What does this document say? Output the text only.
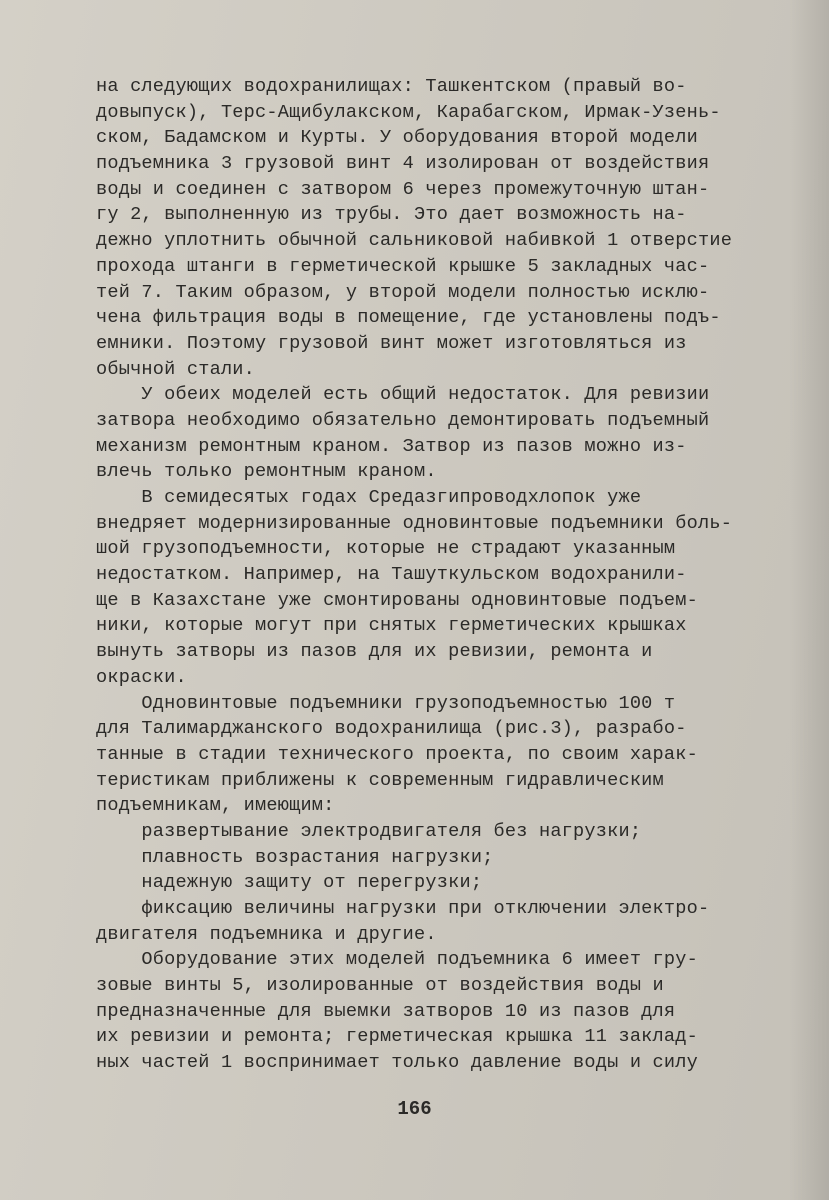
на следующих водохранилищах: Ташкентском (правый во-
довыпуск), Терс-Ащибулакском, Карабагском, Ирмак-Узень-
ском, Бадамском и Курты. У оборудования второй модели
подъемника 3 грузовой винт 4 изолирован от воздействия
воды и соединен с затвором 6 через промежуточную штан-
гу 2, выполненную из трубы. Это дает возможность на-
дежно уплотнить обычной сальниковой набивкой 1 отверстие
прохода штанги в герметической крышке 5 закладных час-
тей 7. Таким образом, у второй модели полностью исклю-
чена фильтрация воды в помещение, где установлены подъ-
емники. Поэтому грузовой винт может изготовляться из
обычной стали.
У обеих моделей есть общий недостаток. Для ревизии
затвора необходимо обязательно демонтировать подъемный
механизм ремонтным краном. Затвор из пазов можно из-
влечь только ремонтным краном.
В семидесятых годах Средазгипроводхлопок уже
внедряет модернизированные одновинтовые подъемники боль-
шой грузоподъемности, которые не страдают указанным
недостатком. Например, на Ташуткульском водохранили-
ще в Казахстане уже смонтированы одновинтовые подъем-
ники, которые могут при снятых герметических крышках
вынуть затворы из пазов для их ревизии, ремонта и
окраски.
Одновинтовые подъемники грузоподъемностью 100 т
для Талимарджанского водохранилища (рис.3), разрабо-
танные в стадии технического проекта, по своим харак-
теристикам приближены к современным гидравлическим
подъемникам, имеющим:
развертывание электродвигателя без нагрузки;
плавность возрастания нагрузки;
надежную защиту от перегрузки;
фиксацию величины нагрузки при отключении электро-
двигателя подъемника и другие.
Оборудование этих моделей подъемника 6 имеет гру-
зовые винты 5, изолированные от воздействия воды и
предназначенные для выемки затворов 10 из пазов для
их ревизии и ремонта; герметическая крышка 11 заклад-
ных частей 1 воспринимает только давление воды и силу
166
